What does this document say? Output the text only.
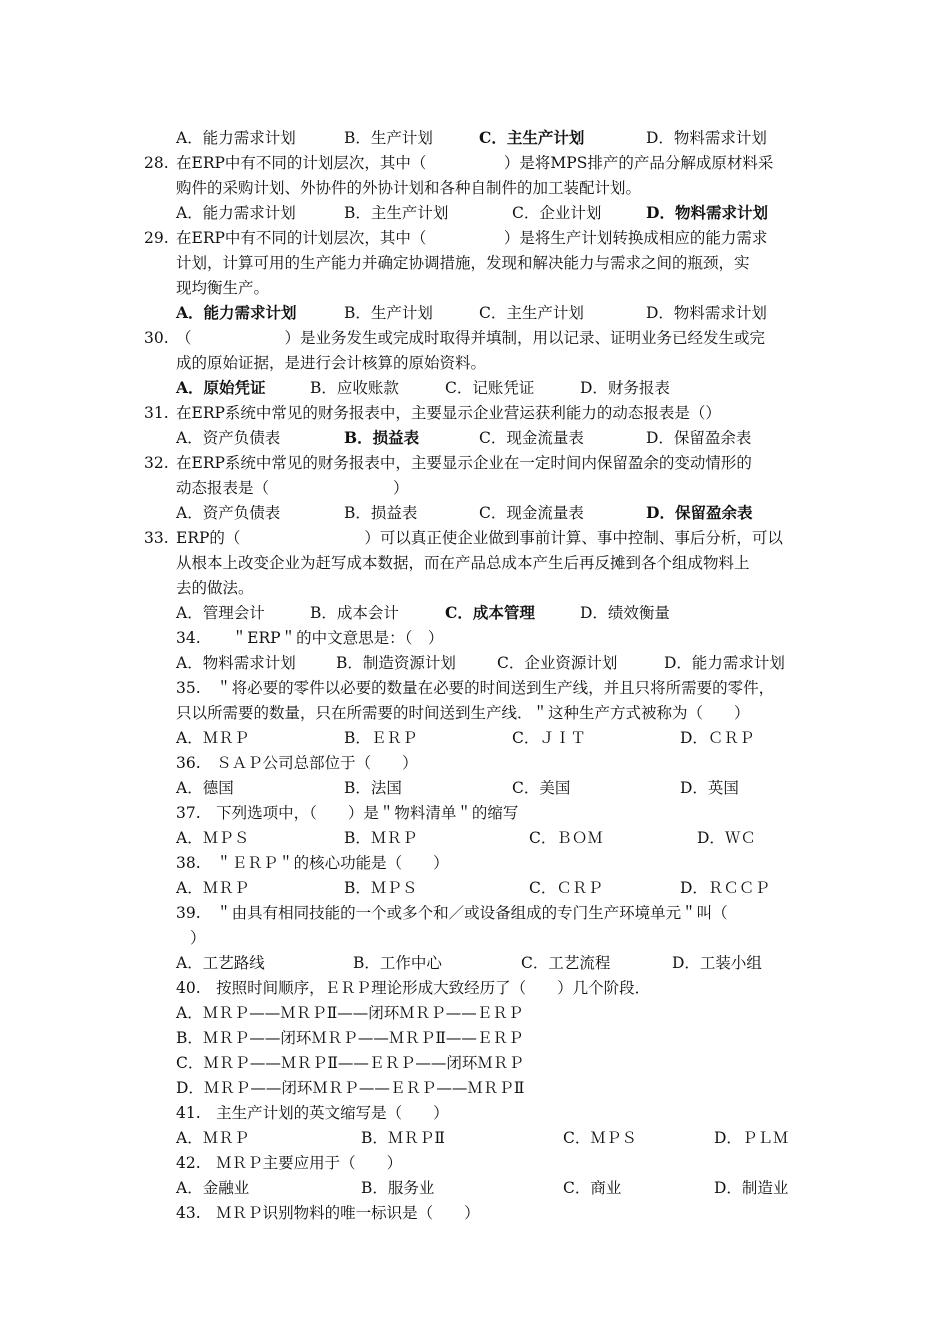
A．能力需求计划	B．生产计划	C．主生产计划	D．物料需求计划
28. 在ERP中有不同的计划层次，其中（　　　　　）是将MPS排产的产品分解成原材料采
购件的采购计划、外协件的外协计划和各种自制件的加工装配计划。
A．能力需求计划	B．主生产计划	C．企业计划	D．物料需求计划
29. 在ERP中有不同的计划层次，其中（　　　　　）是将生产计划转换成相应的能力需求
计划，计算可用的生产能力并确定协调措施，发现和解决能力与需求之间的瓶颈，实
现均衡生产。
A．能力需求计划	B．生产计划	C．主生产计划	D．物料需求计划
30. （　　　　　　）是业务发生或完成时取得并填制，用以记录、证明业务已经发生或完
成的原始证据，是进行会计核算的原始资料。
A．原始凭证	B．应收账款	C．记账凭证	D．财务报表
31. 在ERP系统中常见的财务报表中，主要显示企业营运获利能力的动态报表是（）
A．资产负债表	B．损益表	C．现金流量表	D．保留盈余表
32. 在ERP系统中常见的财务报表中，主要显示企业在一定时间内保留盈余的变动情形的
动态报表是（　　　　　　　　）
A．资产负债表	B．损益表	C．现金流量表	D．保留盈余表
33. ERP的（　　　　　　　　）可以真正使企业做到事前计算、事中控制、事后分析，可以
从根本上改变企业为赶写成本数据，而在产品总成本产生后再反摊到各个组成物料上
去的做法。
A．管理会计	B．成本会计	C．成本管理	D．绩效衡量
34.　　＂ERP＂的中文意思是：（　）
A．物料需求计划	B．制造资源计划	C．企业资源计划	D．能力需求计划
35.　＂将必要的零件以必要的数量在必要的时间送到生产线，并且只将所需要的零件，
只以所需要的数量，只在所需要的时间送到生产线．＂这种生产方式被称为（　　）
A．ＭＲＰ	B．ＥＲＰ	C．ＪＩＴ	D．ＣＲＰ
36.　ＳＡＰ公司总部位于（　　）
A．德国	B．法国	C．美国	D．英国
37.　下列选项中，（　　）是＂物料清单＂的缩写
A．ＭＰＳ	B．ＭＲＰ	C．ＢＯＭ	D．ＷＣ
38.　＂ＥＲＰ＂的核心功能是（　　）
A．ＭＲＰ	B．ＭＰＳ	C．ＣＲＰ	D．ＲＣＣＰ
39.　＂由具有相同技能的一个或多个和／或设备组成的专门生产环境单元＂叫（
）
A．工艺路线	B．工作中心	C．工艺流程	D．工装小组
40.　按照时间顺序，ＥＲＰ理论形成大致经历了（　　）几个阶段．
A．ＭＲＰ——ＭＲＰⅡ——闭环ＭＲＰ——ＥＲＰ
B．ＭＲＰ——闭环ＭＲＰ——ＭＲＰⅡ——ＥＲＰ
C．ＭＲＰ——ＭＲＰⅡ——ＥＲＰ——闭环ＭＲＰ
D．ＭＲＰ——闭环ＭＲＰ——ＥＲＰ——ＭＲＰⅡ
41.　主生产计划的英文缩写是（　　）
A．ＭＲＰ	B．ＭＲＰⅡ	C．ＭＰＳ	D．ＰＬＭ
42.　ＭＲＰ主要应用于（　　）
A．金融业	B．服务业	C．商业	D．制造业
43.　ＭＲＰ识别物料的唯一标识是（　　）
